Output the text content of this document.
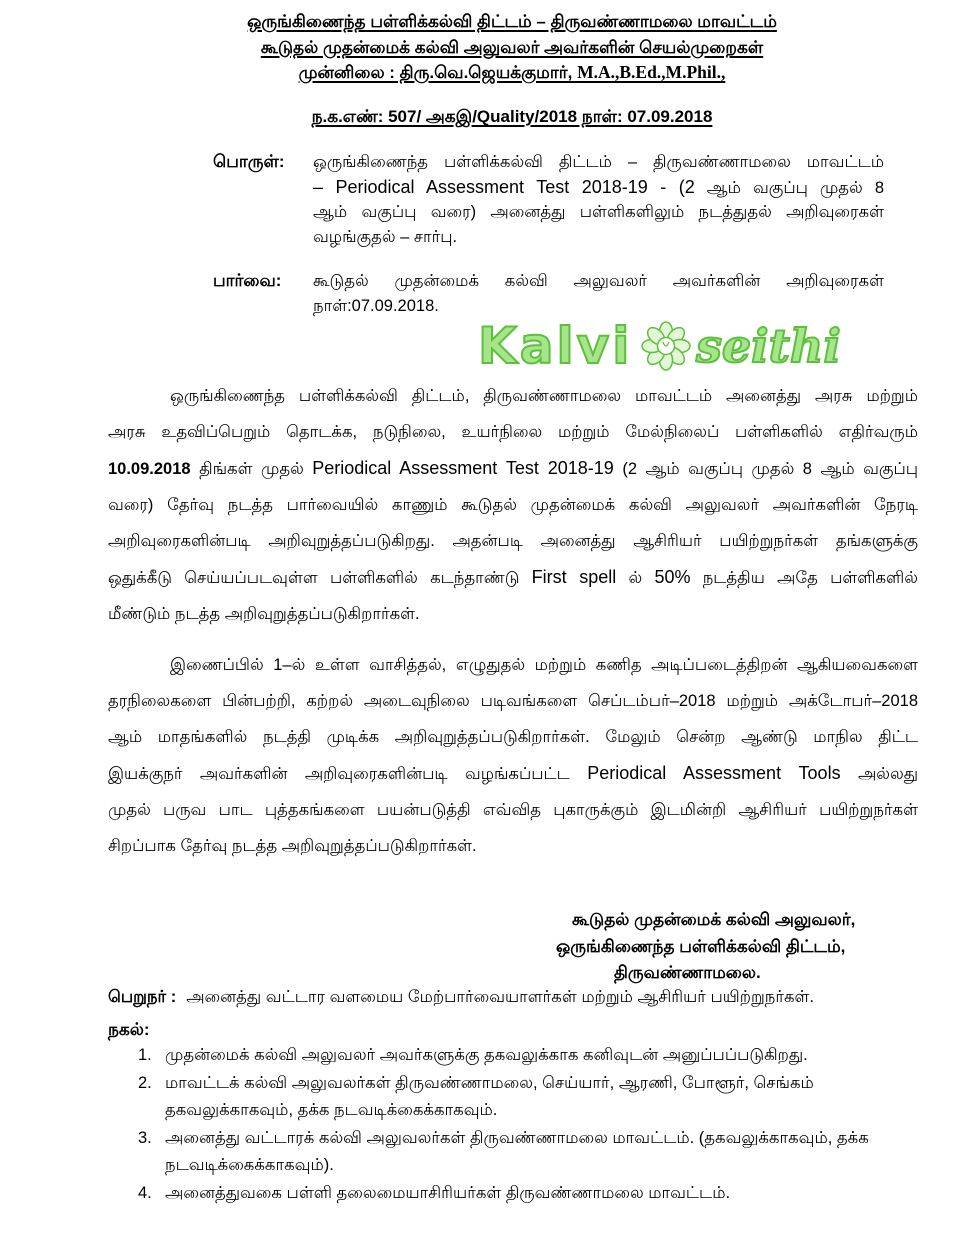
ஒருங்கிணைந்த பள்ளிக்கல்வி திட்டம் – திருவண்ணாமலை மாவட்டம்
கூடுதல் முதன்மைக் கல்வி அலுவலர் அவர்களின் செயல்முறைகள்
முன்னிலை : திரு.வெ.ஜெயக்குமார், M.A.,B.Ed.,M.Phil.,
ந.க.எண்: 507/ அகஇ/Quality/2018 நாள்: 07.09.2018
பொருள்: ஒருங்கிணைந்த பள்ளிக்கல்வி திட்டம் – திருவண்ணாமலை மாவட்டம்
– Periodical Assessment Test 2018-19 - (2 ஆம் வகுப்பு முதல் 8
ஆம் வகுப்பு வரை) அனைத்து பள்ளிகளிலும் நடத்துதல் அறிவுரைகள்
வழங்குதல் – சார்பு.
பார்வை: கூடுதல் முதன்மைக் கல்வி அலுவலர் அவர்களின் அறிவுரைகள்
நாள்:07.09.2018.
Kalvi seithi
ஒருங்கிணைந்த பள்ளிக்கல்வி திட்டம், திருவண்ணாமலை மாவட்டம் அனைத்து அரசு மற்றும்
அரசு உதவிப்பெறும் தொடக்க, நடுநிலை, உயர்நிலை மற்றும் மேல்நிலைப் பள்ளிகளில் எதிர்வரும்
10.09.2018 திங்கள் முதல் Periodical Assessment Test 2018-19 (2 ஆம் வகுப்பு முதல் 8 ஆம் வகுப்பு
வரை) தேர்வு நடத்த பார்வையில் காணும் கூடுதல் முதன்மைக் கல்வி அலுவலர் அவர்களின் நேரடி
அறிவுரைகளின்படி அறிவுறுத்தப்படுகிறது. அதன்படி அனைத்து ஆசிரியர் பயிற்றுநர்கள் தங்களுக்கு
ஒதுக்கீடு செய்யப்படவுள்ள பள்ளிகளில் கடந்தாண்டு First spell ல் 50% நடத்திய அதே பள்ளிகளில்
மீண்டும் நடத்த அறிவுறுத்தப்படுகிறார்கள்.
இணைப்பில் 1–ல் உள்ள வாசித்தல், எழுதுதல் மற்றும் கணித அடிப்படைத்திறன் ஆகியவைகளை
தரநிலைகளை பின்பற்றி, கற்றல் அடைவுநிலை படிவங்களை செப்டம்பர்–2018 மற்றும் அக்டோபர்–2018
ஆம் மாதங்களில் நடத்தி முடிக்க அறிவுறுத்தப்படுகிறார்கள். மேலும் சென்ற ஆண்டு மாநில திட்ட
இயக்குநர் அவர்களின் அறிவுரைகளின்படி வழங்கப்பட்ட Periodical Assessment Tools அல்லது
முதல் பருவ பாட புத்தகங்களை பயன்படுத்தி எவ்வித புகாருக்கும் இடமின்றி ஆசிரியர் பயிற்றுநர்கள்
சிறப்பாக தேர்வு நடத்த அறிவுறுத்தப்படுகிறார்கள்.
கூடுதல் முதன்மைக் கல்வி அலுவலர்,
ஒருங்கிணைந்த பள்ளிக்கல்வி திட்டம்,
திருவண்ணாமலை.
பெறுநர் : அனைத்து வட்டார வளமைய மேற்பார்வையாளர்கள் மற்றும் ஆசிரியர் பயிற்றுநர்கள்.
நகல்:
1. முதன்மைக் கல்வி அலுவலர் அவர்களுக்கு தகவலுக்காக கனிவுடன் அனுப்பப்படுகிறது.
2. மாவட்டக் கல்வி அலுவலர்கள் திருவண்ணாமலை, செய்யார், ஆரணி, போளூர், செங்கம்
தகவலுக்காகவும், தக்க நடவடிக்கைக்காகவும்.
3. அனைத்து வட்டாரக் கல்வி அலுவலர்கள் திருவண்ணாமலை மாவட்டம். (தகவலுக்காகவும், தக்க
நடவடிக்கைக்காகவும்).
4. அனைத்துவகை பள்ளி தலைமையாசிரியர்கள் திருவண்ணாமலை மாவட்டம்.
